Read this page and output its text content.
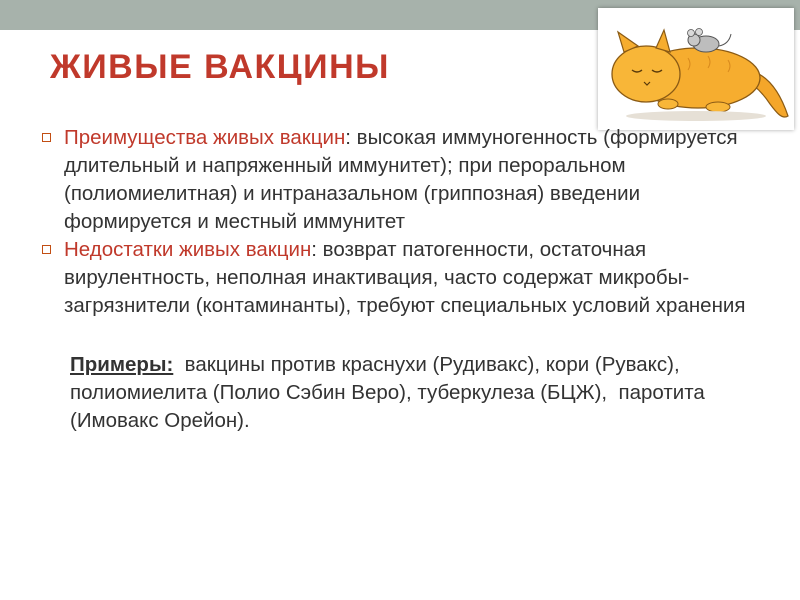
ЖИВЫЕ ВАКЦИНЫ
Преимущества живых вакцин: высокая иммуногенность (формируется длительный и напряженный иммунитет); при пероральном (полиомиелитная) и интраназальном (гриппозная) введении формируется и местный иммунитет
Недостатки живых вакцин: возврат патогенности, остаточная вирулентность, неполная инактивация, часто содержат микробы-загрязнители (контаминанты), требуют специальных условий хранения
Примеры:  вакцины против краснухи (Рудивакс), кори (Рувакс), полиомиелита (Полио Сэбин Веро), туберкулеза (БЦЖ),  паротита (Имовакс Орейон).
